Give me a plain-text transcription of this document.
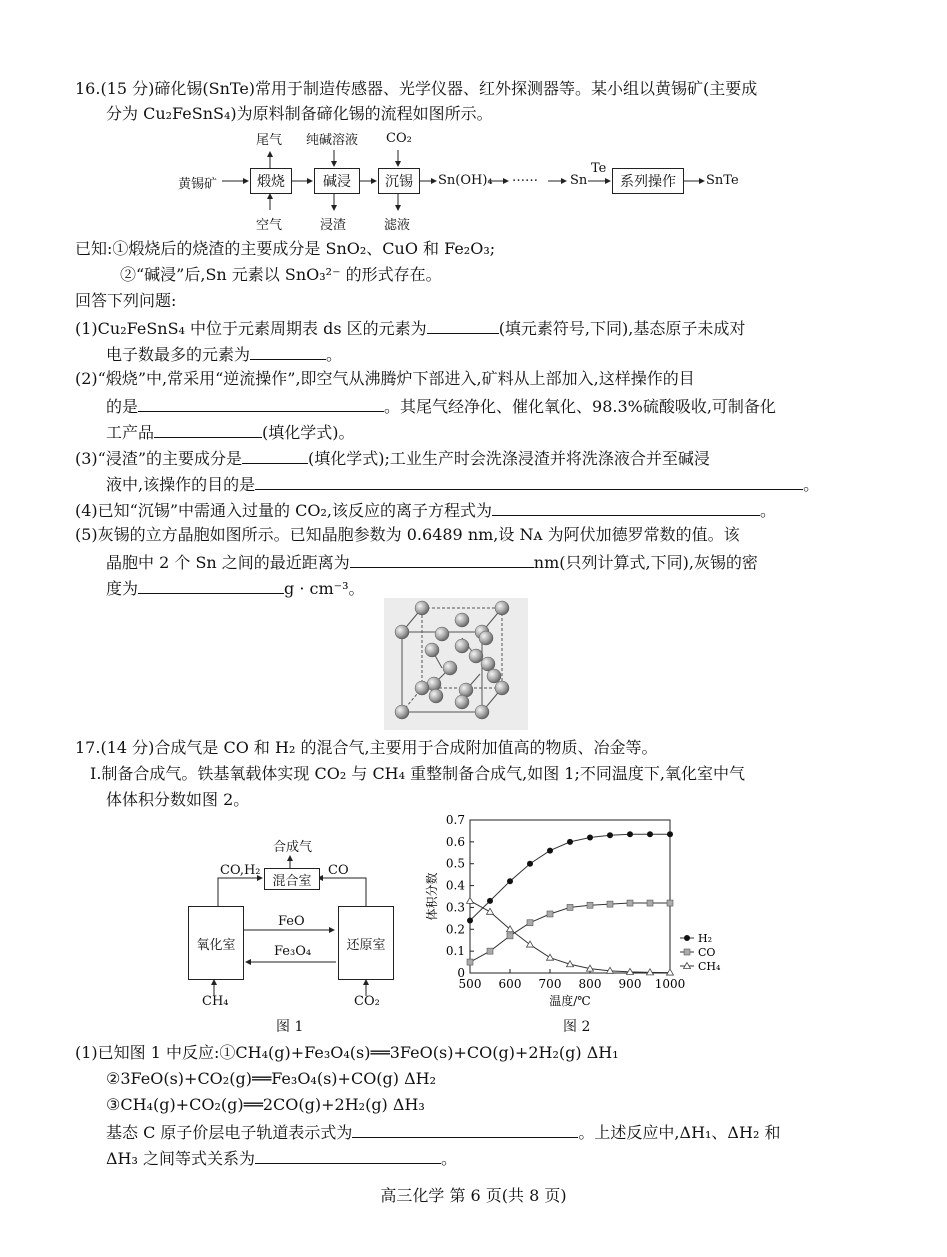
16.(15 分)碲化锡(SnTe)常用于制造传感器、光学仪器、红外探测器等。某小组以黄锡矿(主要成
分为 Cu₂FeSnS₄)为原料制备碲化锡的流程如图所示。
黄锡矿	煅烧	碱浸	沉锡
尾气 纯碱溶液 CO₂
空气	浸渣	滤液
Sn(OH)₄ …… Sn
Te
系列操作	SnTe
已知:①煅烧后的烧渣的主要成分是 SnO₂、CuO 和 Fe₂O₃;
②“碱浸”后,Sn 元素以 SnO₃²⁻ 的形式存在。
回答下列问题:
(1)Cu₂FeSnS₄ 中位于元素周期表 ds 区的元素为	(填元素符号,下同),基态原子未成对
电子数最多的元素为	。
(2)“煅烧”中,常采用“逆流操作”,即空气从沸腾炉下部进入,矿料从上部加入,这样操作的目
的是	。其尾气经净化、催化氧化、98.3%硫酸吸收,可制备化
工产品	(填化学式)。
(3)“浸渣”的主要成分是	(填化学式);工业生产时会洗涤浸渣并将洗涤液合并至碱浸
液中,该操作的目的是	。
(4)已知“沉锡”中需通入过量的 CO₂,该反应的离子方程式为	。
(5)灰锡的立方晶胞如图所示。已知晶胞参数为 0.6489 nm,设 Nᴀ 为阿伏加德罗常数的值。该
晶胞中 2 个 Sn 之间的最近距离为	nm(只列计算式,下同),灰锡的密
度为	g · cm⁻³。
17.(14 分)合成气是 CO 和 H₂ 的混合气,主要用于合成附加值高的物质、冶金等。
Ⅰ.制备合成气。铁基氧载体实现 CO₂ 与 CH₄ 重整制备合成气,如图 1;不同温度下,氧化室中气
体体积分数如图 2。
合成气
混合室
CO,H₂	CO
氧化室	还原室
FeO
Fe₃O₄
CH₄	CO₂
图 1
500 600 700 800 900 1000
0
0.1
0.2
0.3
0.4
0.5
0.6
0.7
温度/℃
体积分数
H₂
CO
CH₄
图 2
(1)已知图 1 中反应:①CH₄(g)+Fe₃O₄(s)══3FeO(s)+CO(g)+2H₂(g) ΔH₁
②3FeO(s)+CO₂(g)══Fe₃O₄(s)+CO(g) ΔH₂
③CH₄(g)+CO₂(g)══2CO(g)+2H₂(g) ΔH₃
基态 C 原子价层电子轨道表示式为	。上述反应中,ΔH₁、ΔH₂ 和
ΔH₃ 之间等式关系为	。
高三化学 第 6 页(共 8 页)
